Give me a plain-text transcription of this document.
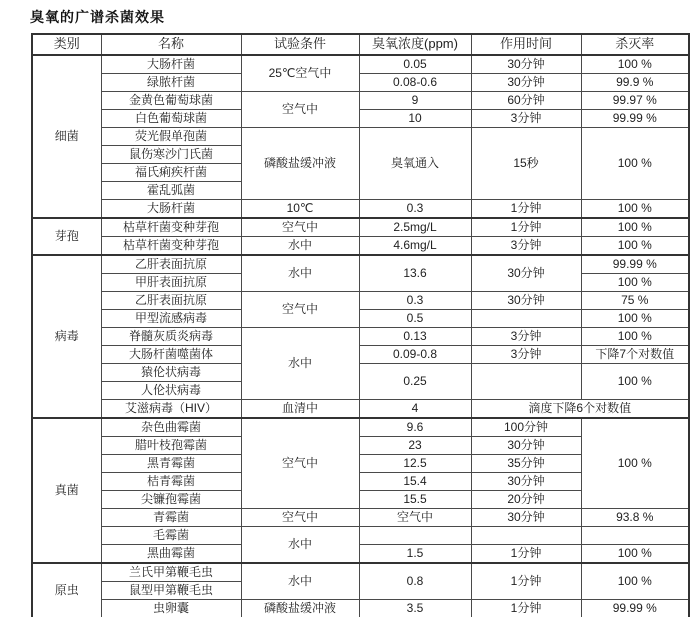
臭氧的广谱杀菌效果
类别	名称	试验条件	臭氧浓度(ppm)	作用时间	杀灭率
细菌	大肠杆菌	25℃空气中	0.05	30分钟	100 %
	绿脓杆菌		0.08-0.6	30分钟	99.9 %
	金黄色葡萄球菌	空气中	9	60分钟	99.97 %
	白色葡萄球菌		10	3分钟	99.99 %
	荧光假单孢菌	磷酸盐缓冲液	臭氧通入	15秒	100 %
	鼠伤寒沙门氏菌				
	福氏痢疾杆菌				
	霍乱弧菌				
	大肠杆菌	10℃	0.3	1分钟	100 %
芽孢	枯草杆菌变种芽孢	空气中	2.5mg/L	1分钟	100 %
	枯草杆菌变种芽孢	水中	4.6mg/L	3分钟	100 %
病毒	乙肝表面抗原	水中	13.6	30分钟	99.99 %
	甲肝表面抗原				100 %
	乙肝表面抗原	空气中	0.3	30分钟	75 %
	甲型流感病毒		0.5		100 %
	脊髓灰质炎病毒	水中	0.13	3分钟	100 %
	大肠杆菌噬菌体		0.09-0.8	3分钟	下降7个对数值
	猿伦状病毒		0.25		100 %
	人伦状病毒				
	艾滋病毒（HIV）	血清中	4	滴度下降6个对数值	
真菌	杂色曲霉菌	空气中	9.6	100分钟	100 %
	腊叶枝孢霉菌		23	30分钟	
	黑青霉菌		12.5	35分钟	
	桔青霉菌		15.4	30分钟	
	尖镰孢霉菌		15.5	20分钟	
	青霉菌	空气中	空气中	30分钟	93.8 %
	毛霉菌	水中			
	黑曲霉菌		1.5	1分钟	100 %
原虫	兰氏甲第鞭毛虫	水中	0.8	1分钟	100 %
	鼠型甲第鞭毛虫				
	虫卵囊	磷酸盐缓冲液	3.5	1分钟	99.99 %
